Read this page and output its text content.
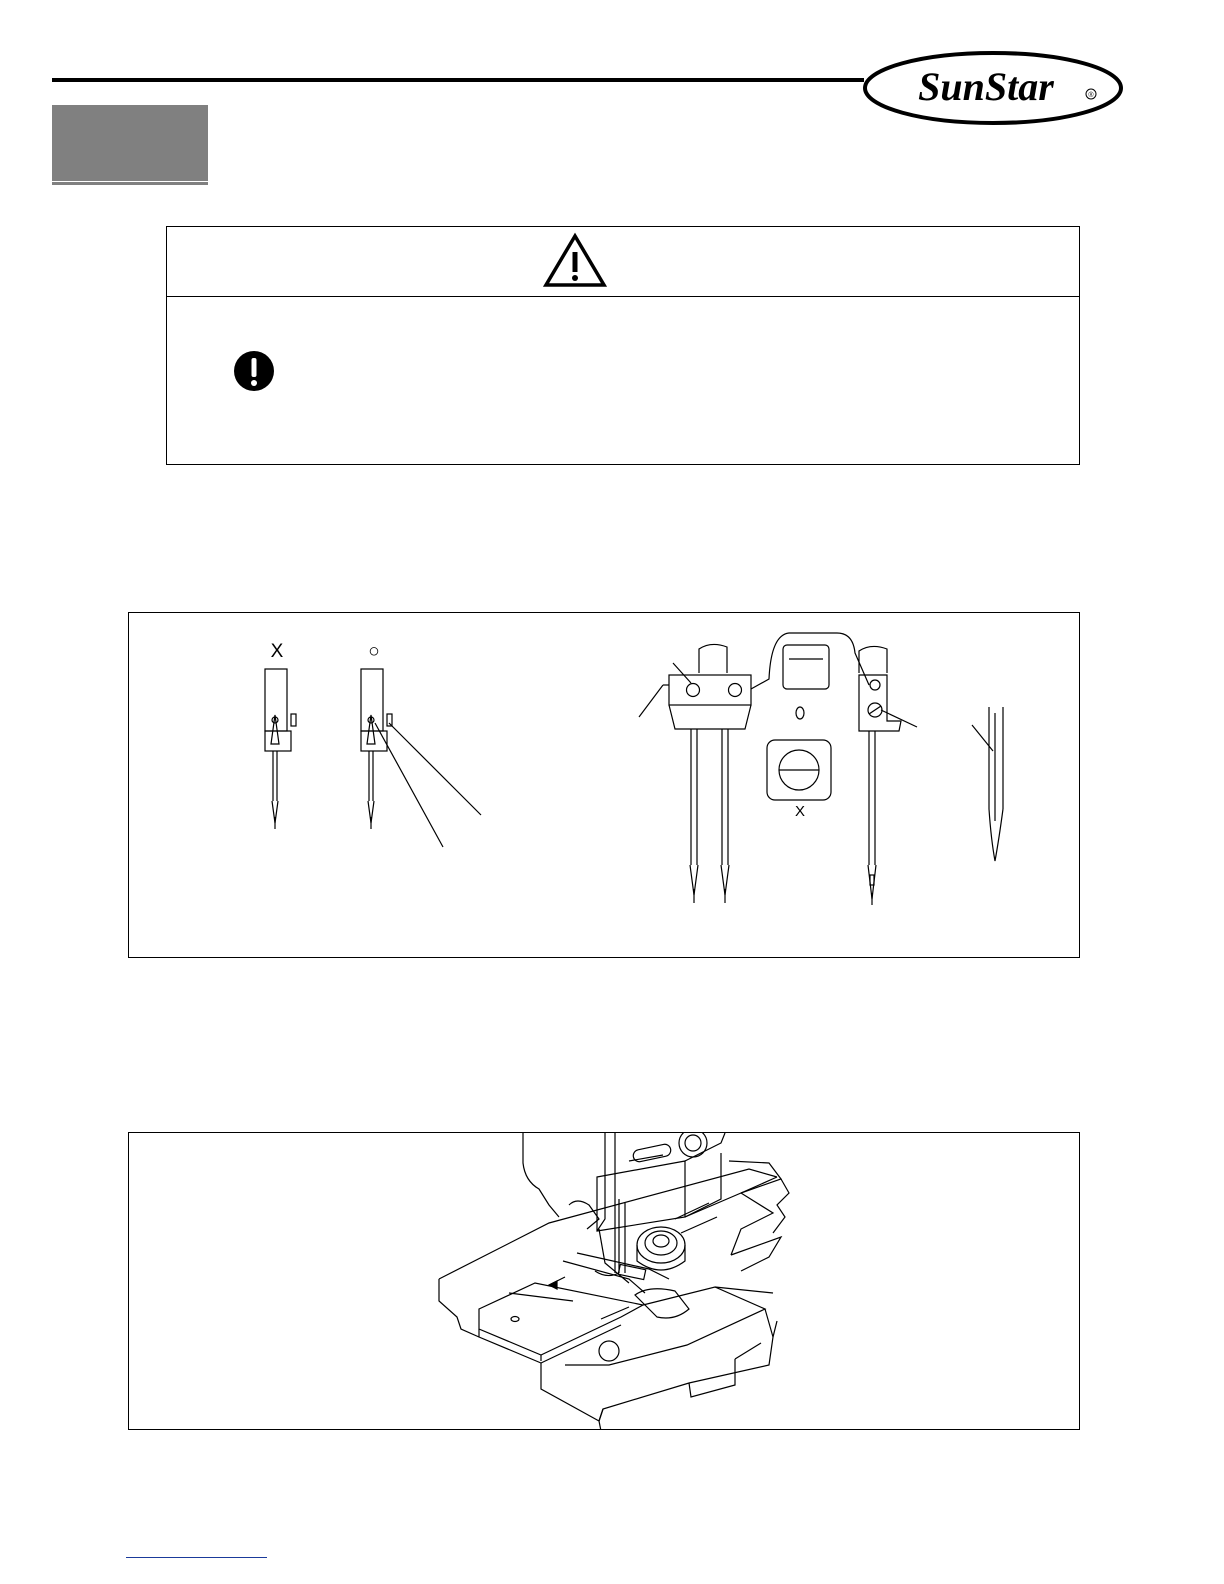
SunStar	®
X	○
X
